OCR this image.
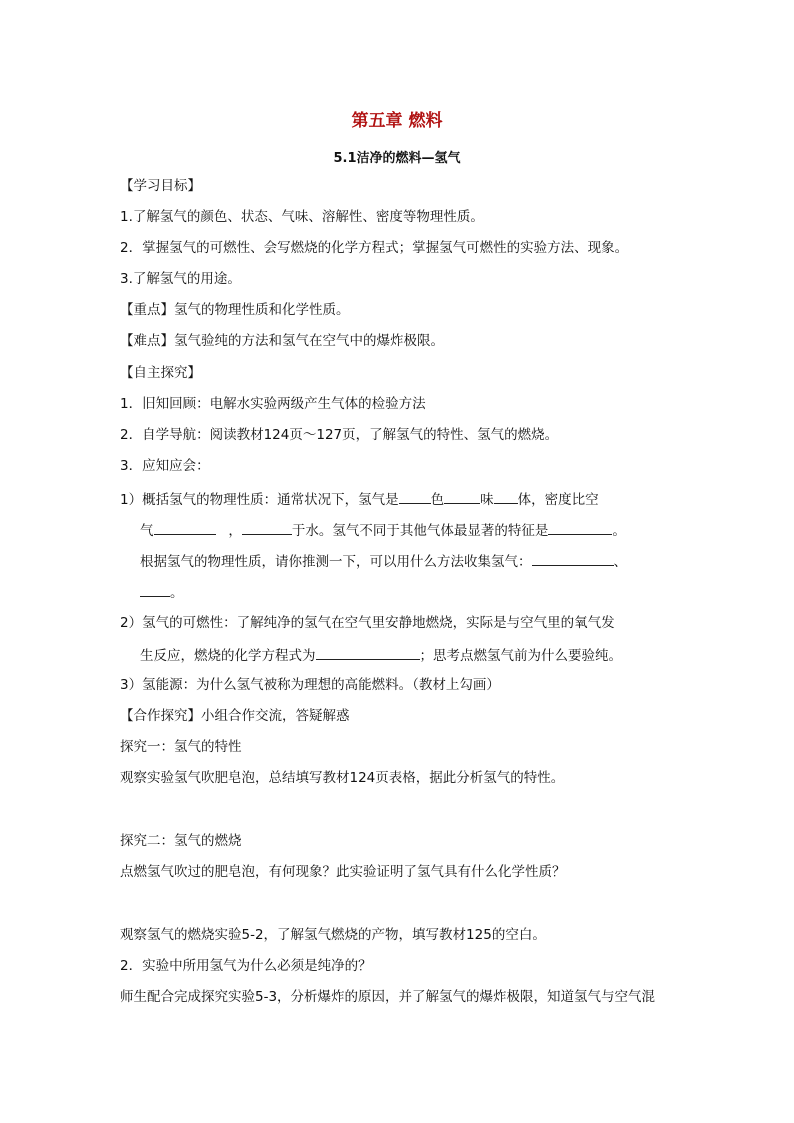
第五章 燃料
5.1洁净的燃料—氢气

【学习目标】

1.了解氢气的颜色、状态、气味、溶解性、密度等物理性质。

2．掌握氢气的可燃性、会写燃烧的化学方程式；掌握氢气可燃性的实验方法、现象。

3.了解氢气的用途。

【重点】氢气的物理性质和化学性质。

【难点】氢气验纯的方法和氢气在空气中的爆炸极限。

【自主探究】

1．旧知回顾：电解水实验两级产生气体的检验方法

2．自学导航：阅读教材124页～127页，了解氢气的特性、氢气的燃烧。

3．应知应会：

1）概括氢气的物理性质：通常状况下，氢气是 色	味 体，密度比空

气	，	于水。氢气不同于其他气体最显著的特征是	。

根据氢气的物理性质，请你推测一下，可以用什么方法收集氢气：	、

。

2）氢气的可燃性：了解纯净的氢气在空气里安静地燃烧，实际是与空气里的氧气发

生反应，燃烧的化学方程式为	；思考点燃氢气前为什么要验纯。

3）氢能源：为什么氢气被称为理想的高能燃料。（教材上勾画）

【合作探究】小组合作交流，答疑解惑

探究一：氢气的特性

观察实验氢气吹肥皂泡，总结填写教材124页表格，据此分析氢气的特性。

探究二：氢气的燃烧

点燃氢气吹过的肥皂泡，有何现象？此实验证明了氢气具有什么化学性质？

观察氢气的燃烧实验5-2，了解氢气燃烧的产物，填写教材125的空白。

2．实验中所用氢气为什么必须是纯净的？

师生配合完成探究实验5-3，分析爆炸的原因，并了解氢气的爆炸极限，知道氢气与空气混
